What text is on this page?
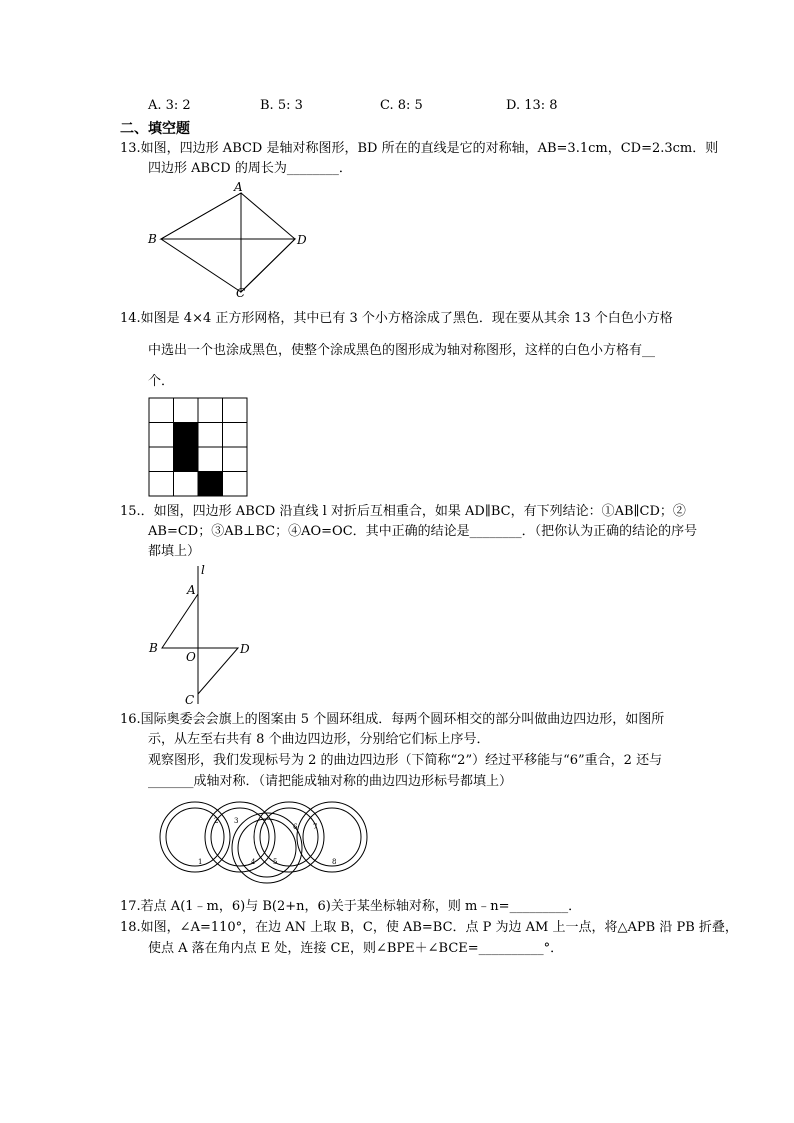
A. 3: 2	B. 5: 3	C. 8: 5	D. 13: 8
二、填空题
13.如图，四边形 ABCD 是轴对称图形，BD 所在的直线是它的对称轴，AB=3.1cm，CD=2.3cm．则
四边形 ABCD 的周长为________．
A
B	D
C
14.如图是 4×4 正方形网格，其中已有 3 个小方格涂成了黑色．现在要从其余 13 个白色小方格
中选出一个也涂成黑色，使整个涂成黑色的图形成为轴对称图形，这样的白色小方格有__
个．
15.．如图，四边形 ABCD 沿直线 l 对折后互相重合，如果 AD∥BC，有下列结论：①AB∥CD；②
AB=CD；③AB⊥BC；④AO=OC．其中正确的结论是________．（把你认为正确的结论的序号
都填上）
l
A
B
O
D
C
16.国际奥委会会旗上的图案由 5 个圆环组成．每两个圆环相交的部分叫做曲边四边形，如图所
示，从左至右共有 8 个曲边四边形，分别给它们标上序号．
观察图形，我们发现标号为 2 的曲边四边形（下简称“2”）经过平移能与“6”重合，2 还与
_______成轴对称．（请把能成轴对称的曲边四边形标号都填上）
1
2 3
4	5
6 7
8
17.若点 A(1﹣m，6)与 B(2+n，6)关于某坐标轴对称，则 m﹣n=_________．
18.如图，∠A=110°，在边 AN 上取 B，C，使 AB=BC．点 P 为边 AM 上一点，将△APB 沿 PB 折叠，
使点 A 落在角内点 E 处，连接 CE，则∠BPE＋∠BCE=__________°．
